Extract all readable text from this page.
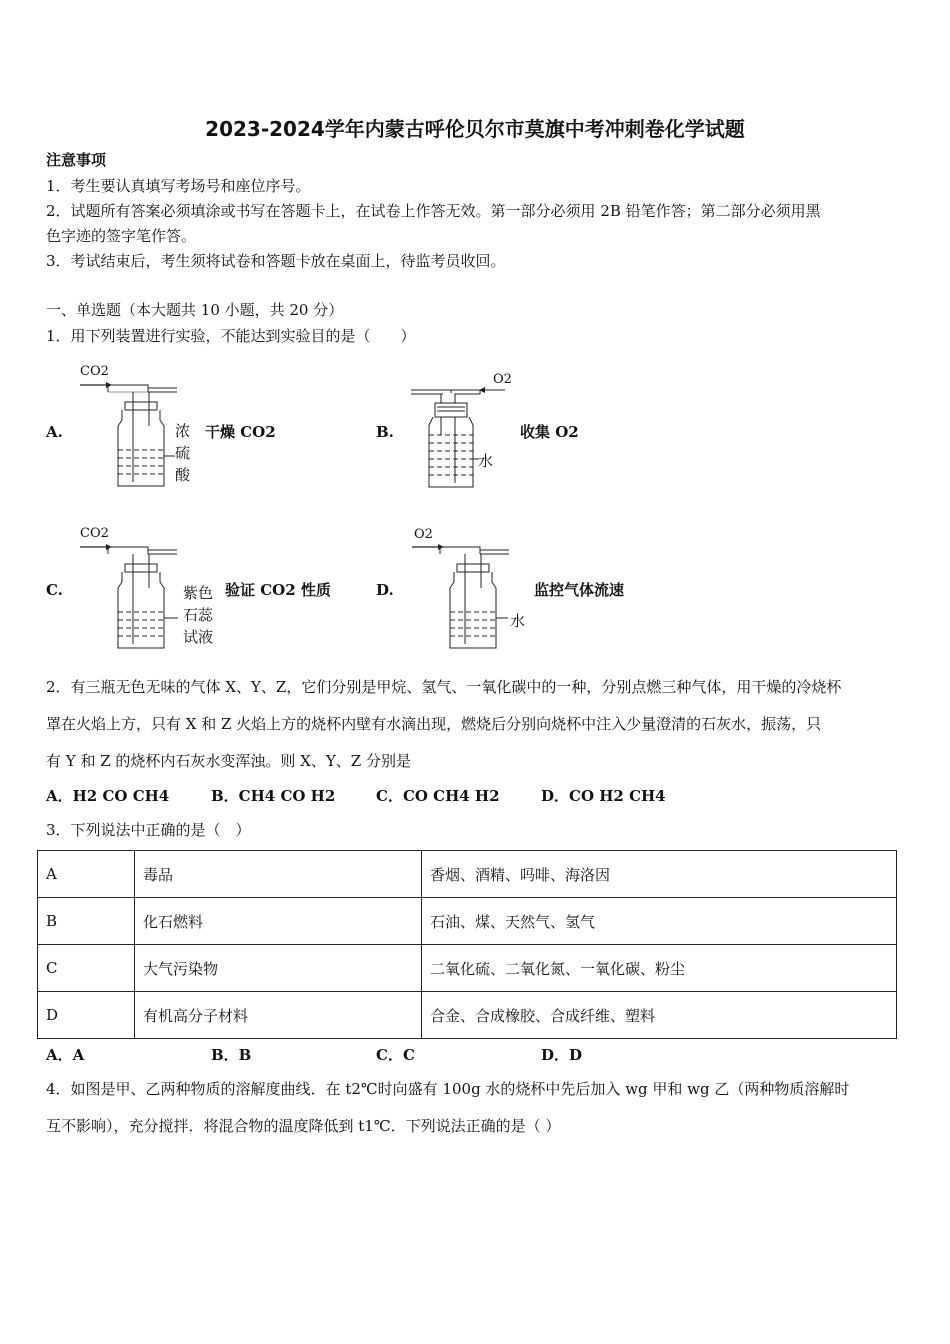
2023-2024学年内蒙古呼伦贝尔市莫旗中考冲刺卷化学试题
注意事项
1．考生要认真填写考场号和座位序号。
2．试题所有答案必须填涂或书写在答题卡上，在试卷上作答无效。第一部分必须用 2B 铅笔作答；第二部分必须用黑
色字迹的签字笔作答。
3．考试结束后，考生须将试卷和答题卡放在桌面上，待监考员收回。
一、单选题（本大题共 10 小题，共 20 分）
1．用下列装置进行实验，不能达到实验目的是（　　）
A.
CO2
浓
硫
酸
干燥 CO2	B.
O2
水
收集 O2
C.
CO2
紫色
石蕊
试液
验证 CO2 性质	D.
O2
水
监控气体流速
2．有三瓶无色无味的气体 X、Y、Z，它们分别是甲烷、氢气、一氧化碳中的一种，分别点燃三种气体，用干燥的冷烧杯
罩在火焰上方，只有 X 和 Z 火焰上方的烧杯内壁有水滴出现，燃烧后分别向烧杯中注入少量澄清的石灰水，振荡，只
有 Y 和 Z 的烧杯内石灰水变浑浊。则 X、Y、Z 分别是
A．H2 CO CH4	B．CH4 CO H2	C．CO CH4 H2	D．CO H2 CH4
3．下列说法中正确的是（　）
A	毒品	香烟、酒精、吗啡、海洛因
B	化石燃料	石油、煤、天然气、氢气
C	大气污染物	二氧化硫、二氧化氮、一氧化碳、粉尘
D	有机高分子材料	合金、合成橡胶、合成纤维、塑料
A．A	B．B	C．C	D．D
4．如图是甲、乙两种物质的溶解度曲线．在 t2℃时向盛有 100g 水的烧杯中先后加入 wg 甲和 wg 乙（两种物质溶解时
互不影响），充分搅拌．将混合物的温度降低到 t1℃．下列说法正确的是（ ）
